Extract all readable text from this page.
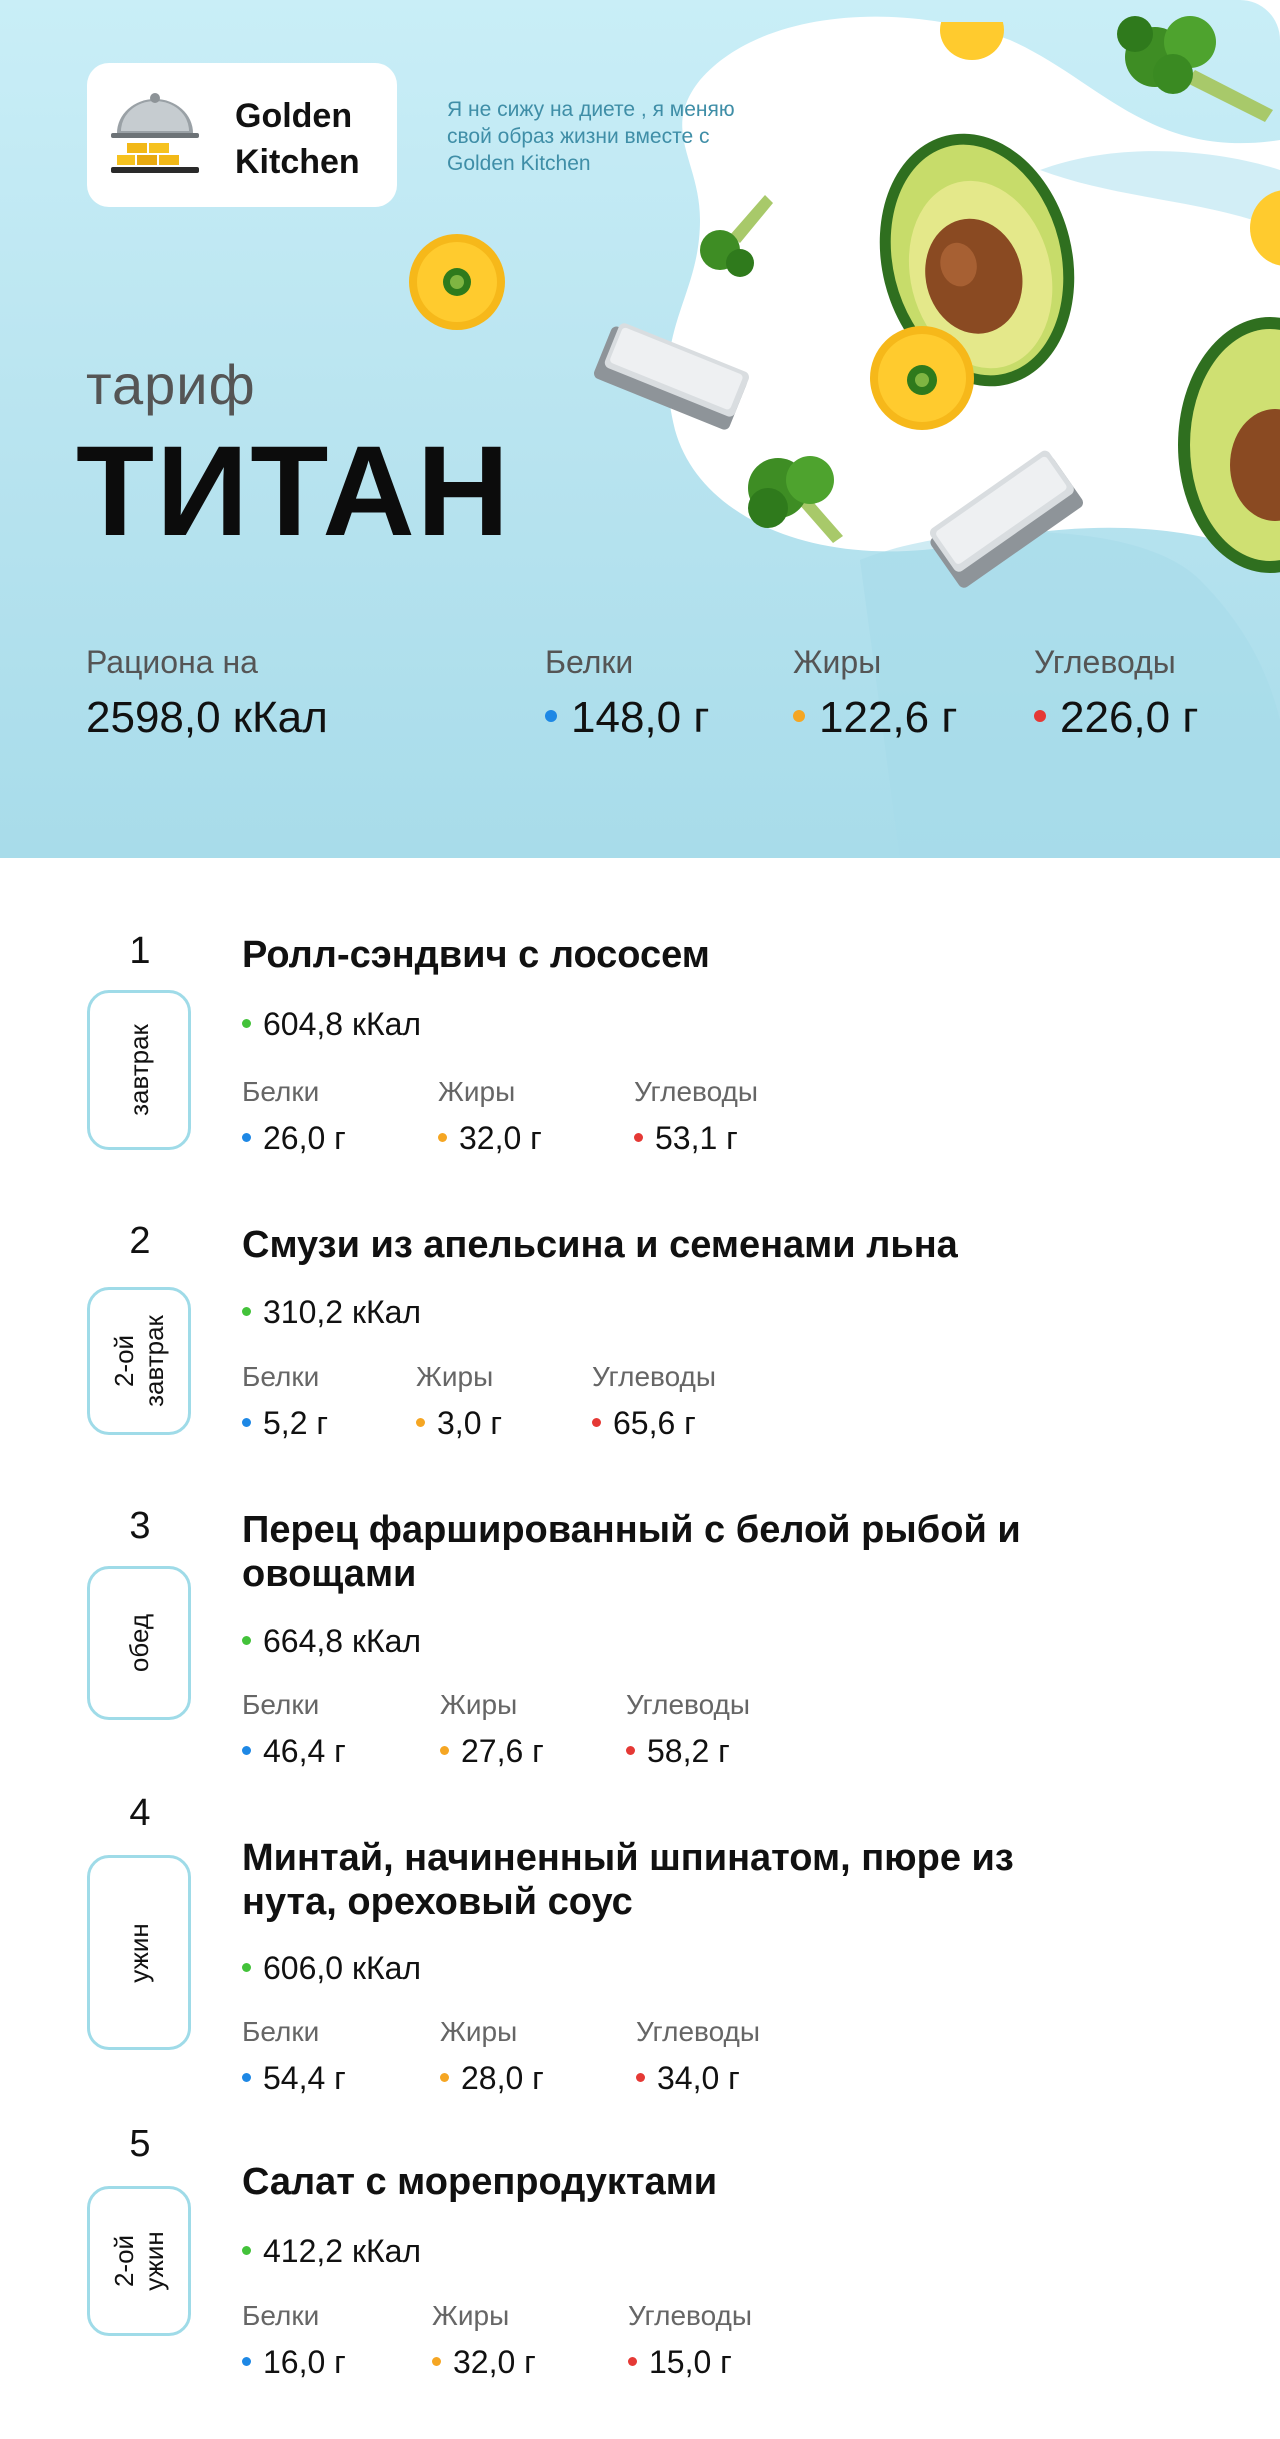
Golden
Kitchen
Я не сижу на диете , я меняю свой образ жизни вместе с Golden Kitchen
тариф
ТИТАН
Рациона на
2598,0 кКал
Белки
148,0 г
Жиры
122,6 г
Углеводы
226,0 г
1
завтрак
Ролл-сэндвич с лососем
604,8 кКал
Белки
26,0 г
Жиры
32,0 г
Углеводы
53,1 г
2
2-ой
завтрак
Смузи из апельсина и семенами льна
310,2 кКал
Белки
5,2 г
Жиры
3,0 г
Углеводы
65,6 г
3
обед
Перец фаршированный с белой рыбой и овощами
664,8 кКал
Белки
46,4 г
Жиры
27,6 г
Углеводы
58,2 г
4
ужин
Минтай, начиненный шпинатом, пюре из нута, ореховый соус
606,0 кКал
Белки
54,4 г
Жиры
28,0 г
Углеводы
34,0 г
5
2-ой
ужин
Салат с морепродуктами
412,2 кКал
Белки
16,0 г
Жиры
32,0 г
Углеводы
15,0 г
